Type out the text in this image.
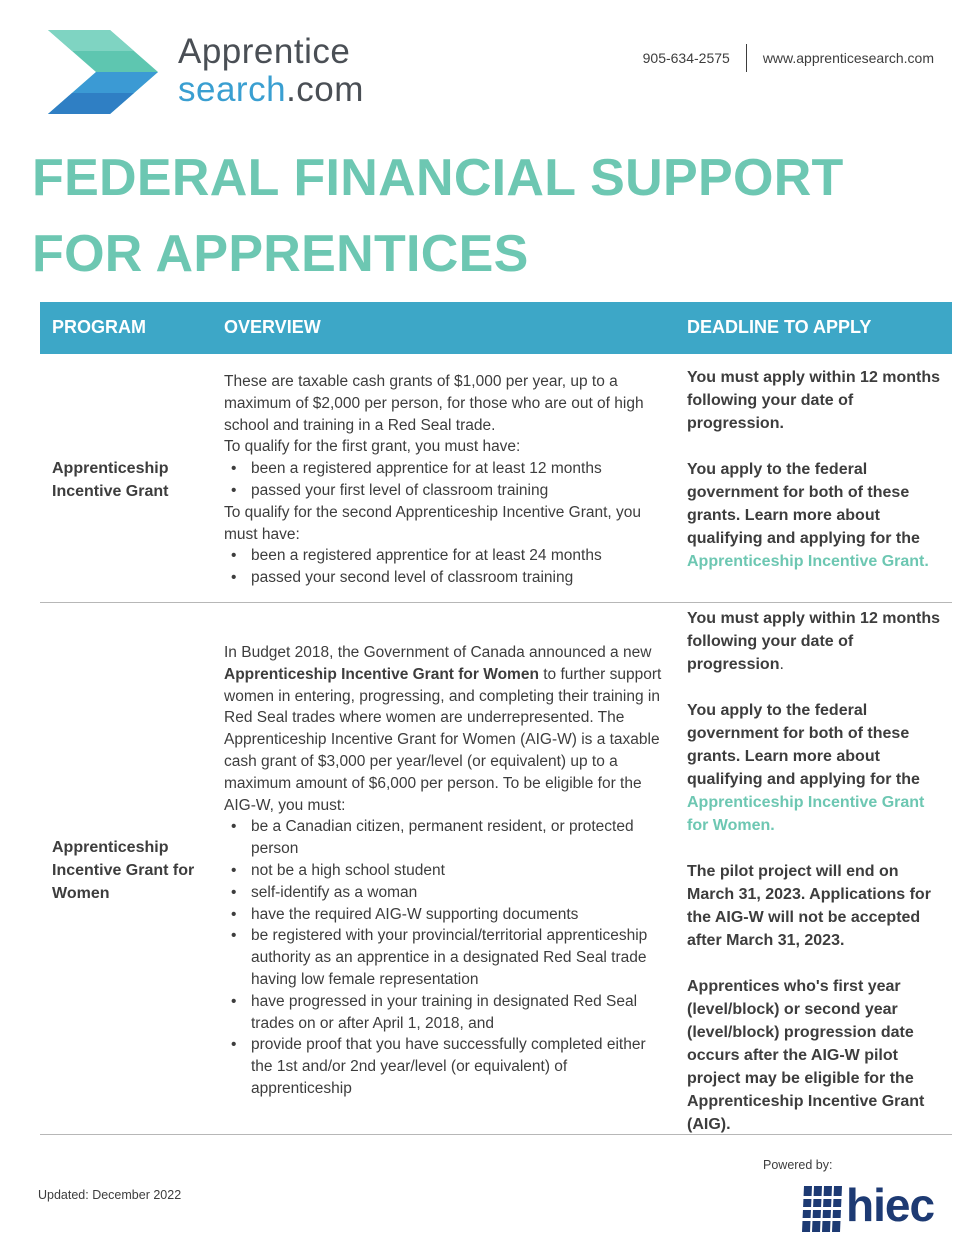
Apprentice
search.com
905-634-2575 www.apprenticesearch.com
FEDERAL FINANCIAL SUPPORT FOR APPRENTICES
PROGRAM	OVERVIEW	DEADLINE TO APPLY
Apprenticeship Incentive Grant

These are taxable cash grants of $1,000 per year, up to a maximum of $2,000 per person, for those who are out of high school and training in a Red Seal trade.

To qualify for the first grant, you must have:

• been a registered apprentice for at least 12 months
• passed your first level of classroom training

To qualify for the second Apprenticeship Incentive Grant, you must have:

• been a registered apprentice for at least 24 months
• passed your second level of classroom training

You must apply within 12 months following your date of progression.

You apply to the federal government for both of these grants. Learn more about qualifying and applying for the Apprenticeship Incentive Grant.

Apprenticeship Incentive Grant for Women

In Budget 2018, the Government of Canada announced a new Apprenticeship Incentive Grant for Women to further support women in entering, progressing, and completing their training in Red Seal trades where women are underrepresented. The Apprenticeship Incentive Grant for Women (AIG-W) is a taxable cash grant of $3,000 per year/level (or equivalent) up to a maximum amount of $6,000 per person. To be eligible for the AIG-W, you must:

• be a Canadian citizen, permanent resident, or protected person
• not be a high school student
• self-identify as a woman
• have the required AIG-W supporting documents
• be registered with your provincial/territorial apprenticeship authority as an apprentice in a designated Red Seal trade having low female representation
• have progressed in your training in designated Red Seal trades on or after April 1, 2018, and
• provide proof that you have successfully completed either the 1st and/or 2nd year/level (or equivalent) of apprenticeship

You must apply within 12 months following your date of progression.

You apply to the federal government for both of these grants. Learn more about qualifying and applying for the Apprenticeship Incentive Grant for Women.

The pilot project will end on March 31, 2023. Applications for the AIG-W will not be accepted after March 31, 2023.

Apprentices who's first year (level/block) or second year (level/block) progression date occurs after the AIG-W pilot project may be eligible for the Apprenticeship Incentive Grant (AIG).

Updated: December 2022
Powered by:
hiec
